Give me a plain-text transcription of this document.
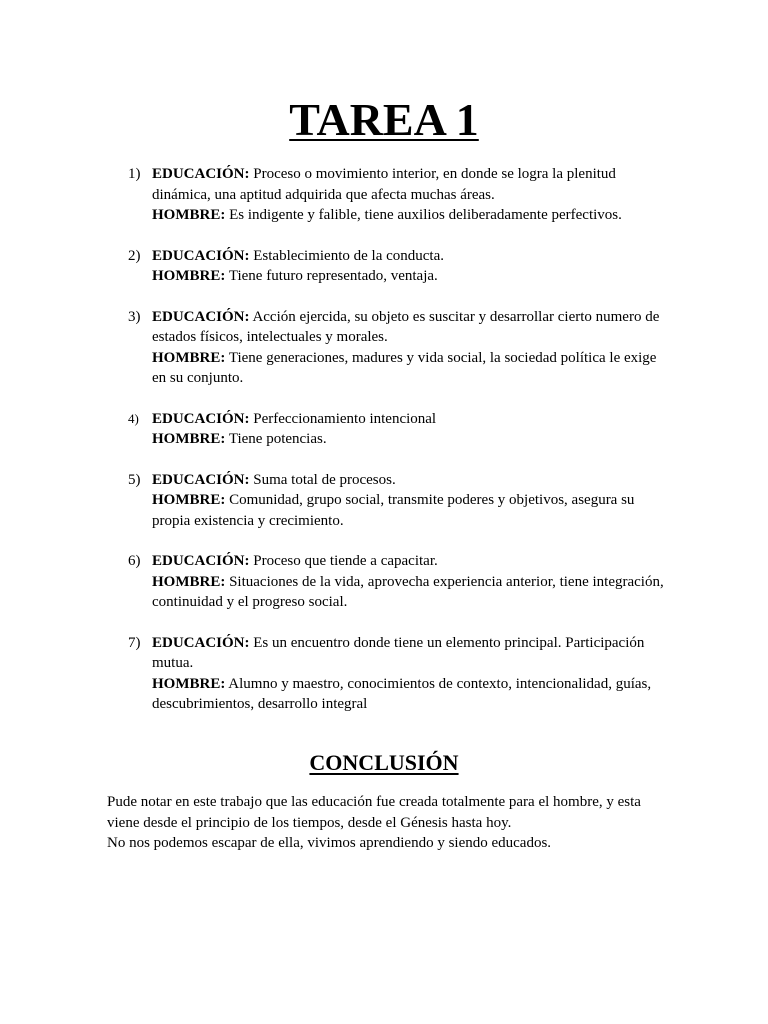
TAREA 1
1) EDUCACIÓN: Proceso o movimiento interior, en donde se logra la plenitud dinámica, una aptitud adquirida que afecta muchas áreas.
HOMBRE: Es indigente y falible, tiene auxilios deliberadamente perfectivos.
2) EDUCACIÓN: Establecimiento de la conducta.
HOMBRE: Tiene futuro representado, ventaja.
3) EDUCACIÓN: Acción ejercida, su objeto es suscitar y desarrollar cierto numero de estados físicos, intelectuales y morales.
HOMBRE: Tiene generaciones, madures y vida social, la sociedad política le exige en su conjunto.
4) EDUCACIÓN: Perfeccionamiento intencional
HOMBRE: Tiene potencias.
5) EDUCACIÓN: Suma total de procesos.
HOMBRE: Comunidad, grupo social, transmite poderes y objetivos, asegura su propia existencia y crecimiento.
6) EDUCACIÓN: Proceso que tiende a capacitar.
HOMBRE: Situaciones de la vida, aprovecha experiencia anterior, tiene integración, continuidad y el progreso social.
7) EDUCACIÓN: Es un encuentro donde tiene un elemento principal. Participación mutua.
HOMBRE: Alumno y maestro, conocimientos de contexto, intencionalidad, guías, descubrimientos, desarrollo integral
CONCLUSIÓN
Pude notar en este trabajo que las educación fue creada totalmente para el hombre, y esta viene desde el principio de los tiempos, desde el Génesis hasta hoy.
No nos podemos escapar de ella, vivimos aprendiendo y siendo educados.
